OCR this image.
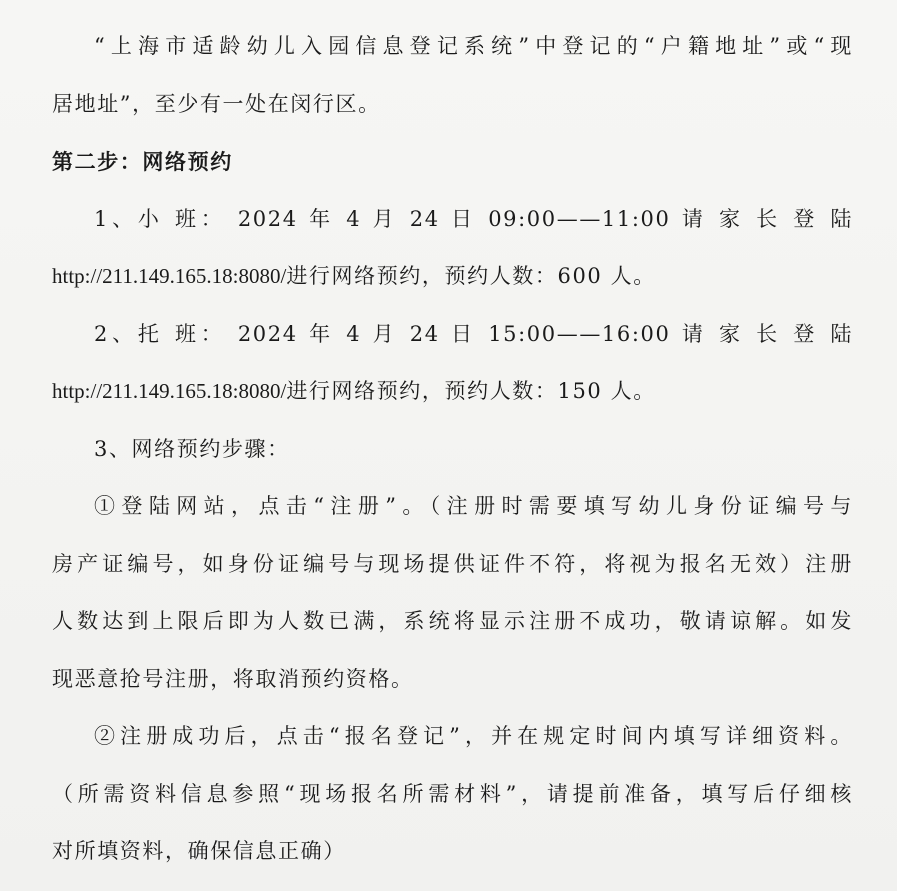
“上海市适龄幼儿入园信息登记系统”中登记的“户籍地址”或“现
居地址”，至少有一处在闵行区。

第二步：网络预约

1、小 班： 2024 年 4 月 24 日 09:00——11:00 请 家 长 登 陆
http://211.149.165.18:8080/进行网络预约，预约人数：600 人。

2、托 班： 2024 年 4 月 24 日 15:00——16:00 请 家 长 登 陆
http://211.149.165.18:8080/进行网络预约，预约人数：150 人。

3、网络预约步骤：

①登陆网站，点击“注册”。（注册时需要填写幼儿身份证编号与
房产证编号，如身份证编号与现场提供证件不符，将视为报名无效）注册
人数达到上限后即为人数已满，系统将显示注册不成功，敬请谅解。如发
现恶意抢号注册，将取消预约资格。

②注册成功后，点击“报名登记”，并在规定时间内填写详细资料。
（所需资料信息参照“现场报名所需材料”，请提前准备，填写后仔细核
对所填资料，确保信息正确）
